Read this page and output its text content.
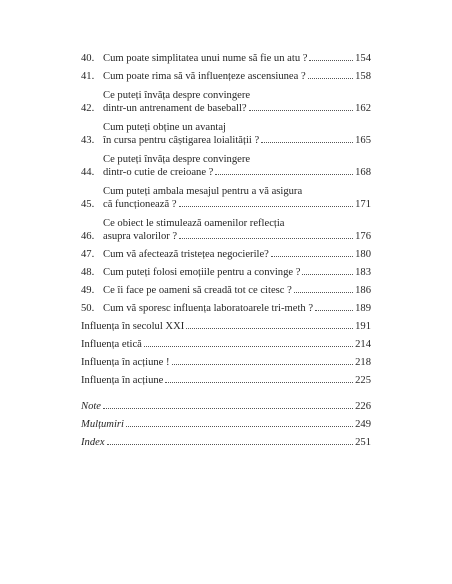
40. Cum poate simplitatea unui nume să fie un atu ?	154
41. Cum poate rima să vă influențeze ascensiunea ?	158
42.
Ce puteți învăța despre convingere
dintr-un antrenament de baseball?	162
43.
Cum puteți obține un avantaj
în cursa pentru câștigarea loialității ?	165
44.
Ce puteți învăța despre convingere
dintr-o cutie de creioane ?	168
45.
Cum puteți ambala mesajul pentru a vă asigura
că funcționează ?	171
46.
Ce obiect le stimulează oamenilor reflecția
asupra valorilor ?	176
47. Cum vă afectează tristețea negocierile?	180
48. Cum puteți folosi emoțiile pentru a convinge ?	183
49. Ce îi face pe oameni să creadă tot ce citesc ?	186
50. Cum vă sporesc influența laboratoarele tri-meth ?	189
Influența în secolul XXI	191
Influența etică	214
Influența în acțiune !	218
Influența în acțiune	225
Note	226
Mulțumiri	249
Index	251
